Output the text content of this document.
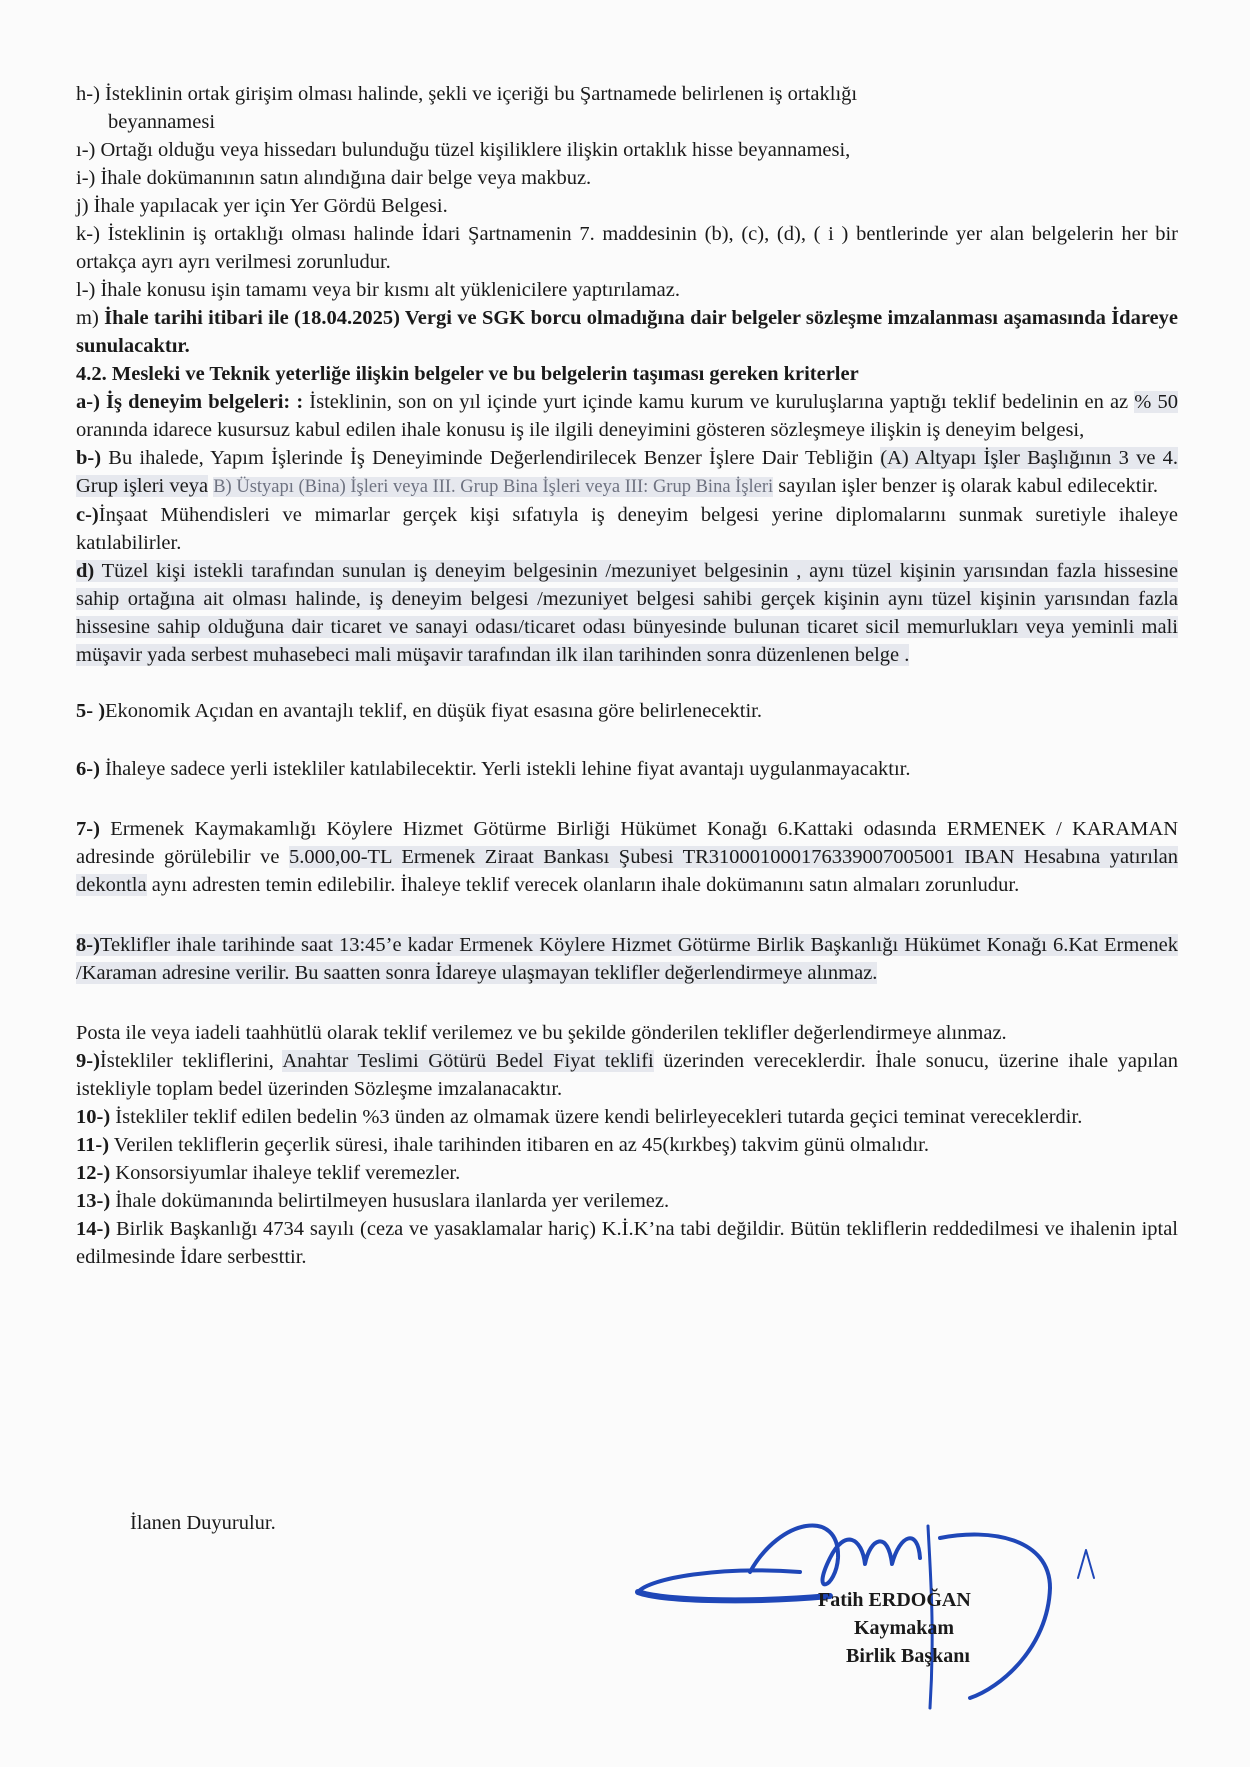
h-) İsteklinin ortak girişim olması halinde, şekli ve içeriği bu Şartnamede belirlenen iş ortaklığı

beyannamesi

ı-) Ortağı olduğu veya hissedarı bulunduğu tüzel kişiliklere ilişkin ortaklık hisse beyannamesi,

i-) İhale dokümanının satın alındığına dair belge veya makbuz.

j) İhale yapılacak yer için Yer Gördü Belgesi.

k-) İsteklinin iş ortaklığı olması halinde İdari Şartnamenin 7. maddesinin (b), (c), (d), ( i ) bentlerinde yer alan belgelerin her bir ortakça ayrı ayrı verilmesi zorunludur.

l-) İhale konusu işin tamamı veya bir kısmı alt yüklenicilere yaptırılamaz.

m) İhale tarihi itibari ile (18.04.2025) Vergi ve SGK borcu olmadığına dair belgeler sözleşme imzalanması aşamasında İdareye sunulacaktır.

4.2. Mesleki ve Teknik yeterliğe ilişkin belgeler ve bu belgelerin taşıması gereken kriterler

a-) İş deneyim belgeleri: : İsteklinin, son on yıl içinde yurt içinde kamu kurum ve kuruluşlarına yaptığı teklif bedelinin en az % 50 oranında idarece kusursuz kabul edilen ihale konusu iş ile ilgili deneyimini gösteren sözleşmeye ilişkin iş deneyim belgesi,

b-) Bu ihalede, Yapım İşlerinde İş Deneyiminde Değerlendirilecek Benzer İşlere Dair Tebliğin (A) Altyapı İşler Başlığının 3 ve 4. Grup işleri veya B) Üstyapı (Bina) İşleri veya III. Grup Bina İşleri veya III: Grup Bina İşleri sayılan işler benzer iş olarak kabul edilecektir.

c-)İnşaat Mühendisleri ve mimarlar gerçek kişi sıfatıyla iş deneyim belgesi yerine diplomalarını sunmak suretiyle ihaleye katılabilirler.

d) Tüzel kişi istekli tarafından sunulan iş deneyim belgesinin /mezuniyet belgesinin , aynı tüzel kişinin yarısından fazla hissesine sahip ortağına ait olması halinde, iş deneyim belgesi /mezuniyet belgesi sahibi gerçek kişinin aynı tüzel kişinin yarısından fazla hissesine sahip olduğuna dair ticaret ve sanayi odası/ticaret odası bünyesinde bulunan ticaret sicil memurlukları veya yeminli mali müşavir yada serbest muhasebeci mali müşavir tarafından ilk ilan tarihinden sonra düzenlenen belge .

5- )Ekonomik Açıdan en avantajlı teklif, en düşük fiyat esasına göre belirlenecektir.

6-) İhaleye sadece yerli istekliler katılabilecektir. Yerli istekli lehine fiyat avantajı uygulanmayacaktır.

7-) Ermenek Kaymakamlığı Köylere Hizmet Götürme Birliği Hükümet Konağı 6.Kattaki odasında ERMENEK / KARAMAN adresinde görülebilir ve 5.000,00-TL Ermenek Ziraat Bankası Şubesi TR310001000176339007005001 IBAN Hesabına yatırılan dekontla aynı adresten temin edilebilir. İhaleye teklif verecek olanların ihale dokümanını satın almaları zorunludur.

8-)Teklifler ihale tarihinde saat 13:45’e kadar Ermenek Köylere Hizmet Götürme Birlik Başkanlığı Hükümet Konağı 6.Kat Ermenek /Karaman adresine verilir. Bu saatten sonra İdareye ulaşmayan teklifler değerlendirmeye alınmaz.

Posta ile veya iadeli taahhütlü olarak teklif verilemez ve bu şekilde gönderilen teklifler değerlendirmeye alınmaz.

9-)İstekliler tekliflerini, Anahtar Teslimi Götürü Bedel Fiyat teklifi üzerinden vereceklerdir. İhale sonucu, üzerine ihale yapılan istekliyle toplam bedel üzerinden Sözleşme imzalanacaktır.

10-) İstekliler teklif edilen bedelin %3 ünden az olmamak üzere kendi belirleyecekleri tutarda geçici teminat vereceklerdir.

11-) Verilen tekliflerin geçerlik süresi, ihale tarihinden itibaren en az 45(kırkbeş) takvim günü olmalıdır.

12-) Konsorsiyumlar ihaleye teklif veremezler.

13-) İhale dokümanında belirtilmeyen hususlara ilanlarda yer verilemez.

14-) Birlik Başkanlığı 4734 sayılı (ceza ve yasaklamalar hariç) K.İ.K’na tabi değildir. Bütün tekliflerin reddedilmesi ve ihalenin iptal edilmesinde İdare serbesttir.

İlanen Duyurulur.
Fatih ERDOĞAN
Kaymakam
Birlik Başkanı
